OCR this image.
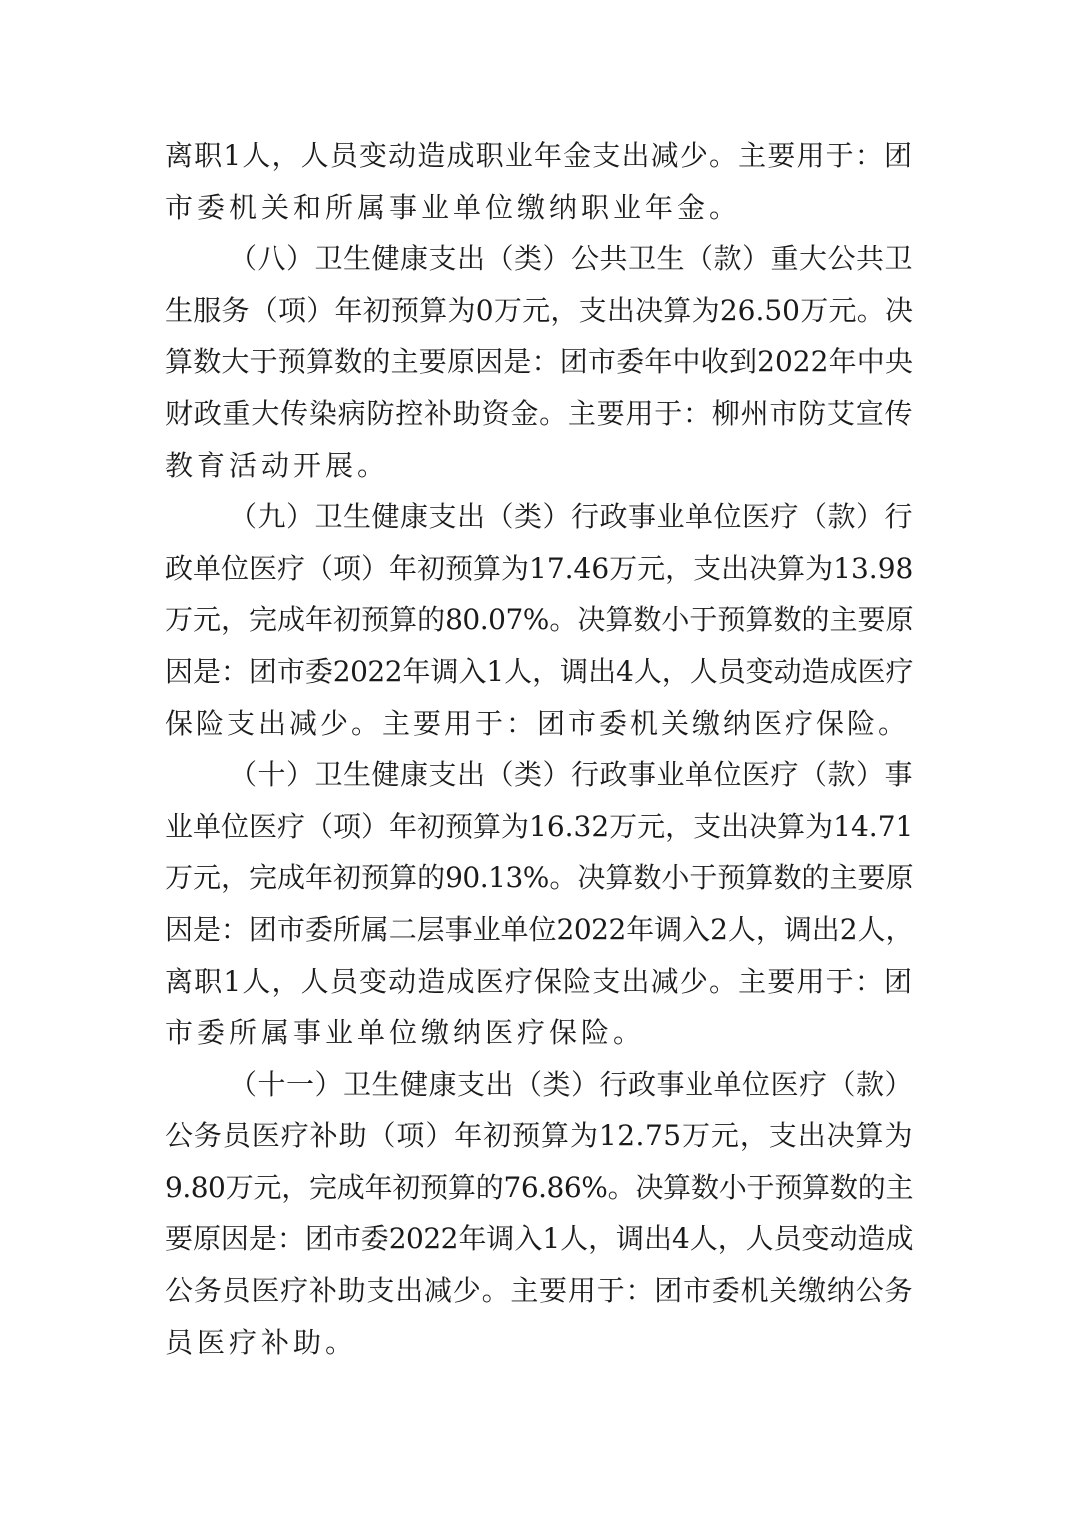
离职1人，人员变动造成职业年金支出减少。主要用于：团
市委机关和所属事业单位缴纳职业年金。
（八）卫生健康支出（类）公共卫生（款）重大公共卫
生服务（项）年初预算为0万元，支出决算为26.50万元。决
算数大于预算数的主要原因是：团市委年中收到2022年中央
财政重大传染病防控补助资金。主要用于：柳州市防艾宣传
教育活动开展。
（九）卫生健康支出（类）行政事业单位医疗（款）行
政单位医疗（项）年初预算为17.46万元，支出决算为13.98
万元，完成年初预算的80.07%。决算数小于预算数的主要原
因是：团市委2022年调入1人，调出4人，人员变动造成医疗
保险支出减少。主要用于：团市委机关缴纳医疗保险。
（十）卫生健康支出（类）行政事业单位医疗（款）事
业单位医疗（项）年初预算为16.32万元，支出决算为14.71
万元，完成年初预算的90.13%。决算数小于预算数的主要原
因是：团市委所属二层事业单位2022年调入2人，调出2人，
离职1人，人员变动造成医疗保险支出减少。主要用于：团
市委所属事业单位缴纳医疗保险。
（十一）卫生健康支出（类）行政事业单位医疗（款）
公务员医疗补助（项）年初预算为12.75万元，支出决算为
9.80万元，完成年初预算的76.86%。决算数小于预算数的主
要原因是：团市委2022年调入1人，调出4人，人员变动造成
公务员医疗补助支出减少。主要用于：团市委机关缴纳公务
员医疗补助。
